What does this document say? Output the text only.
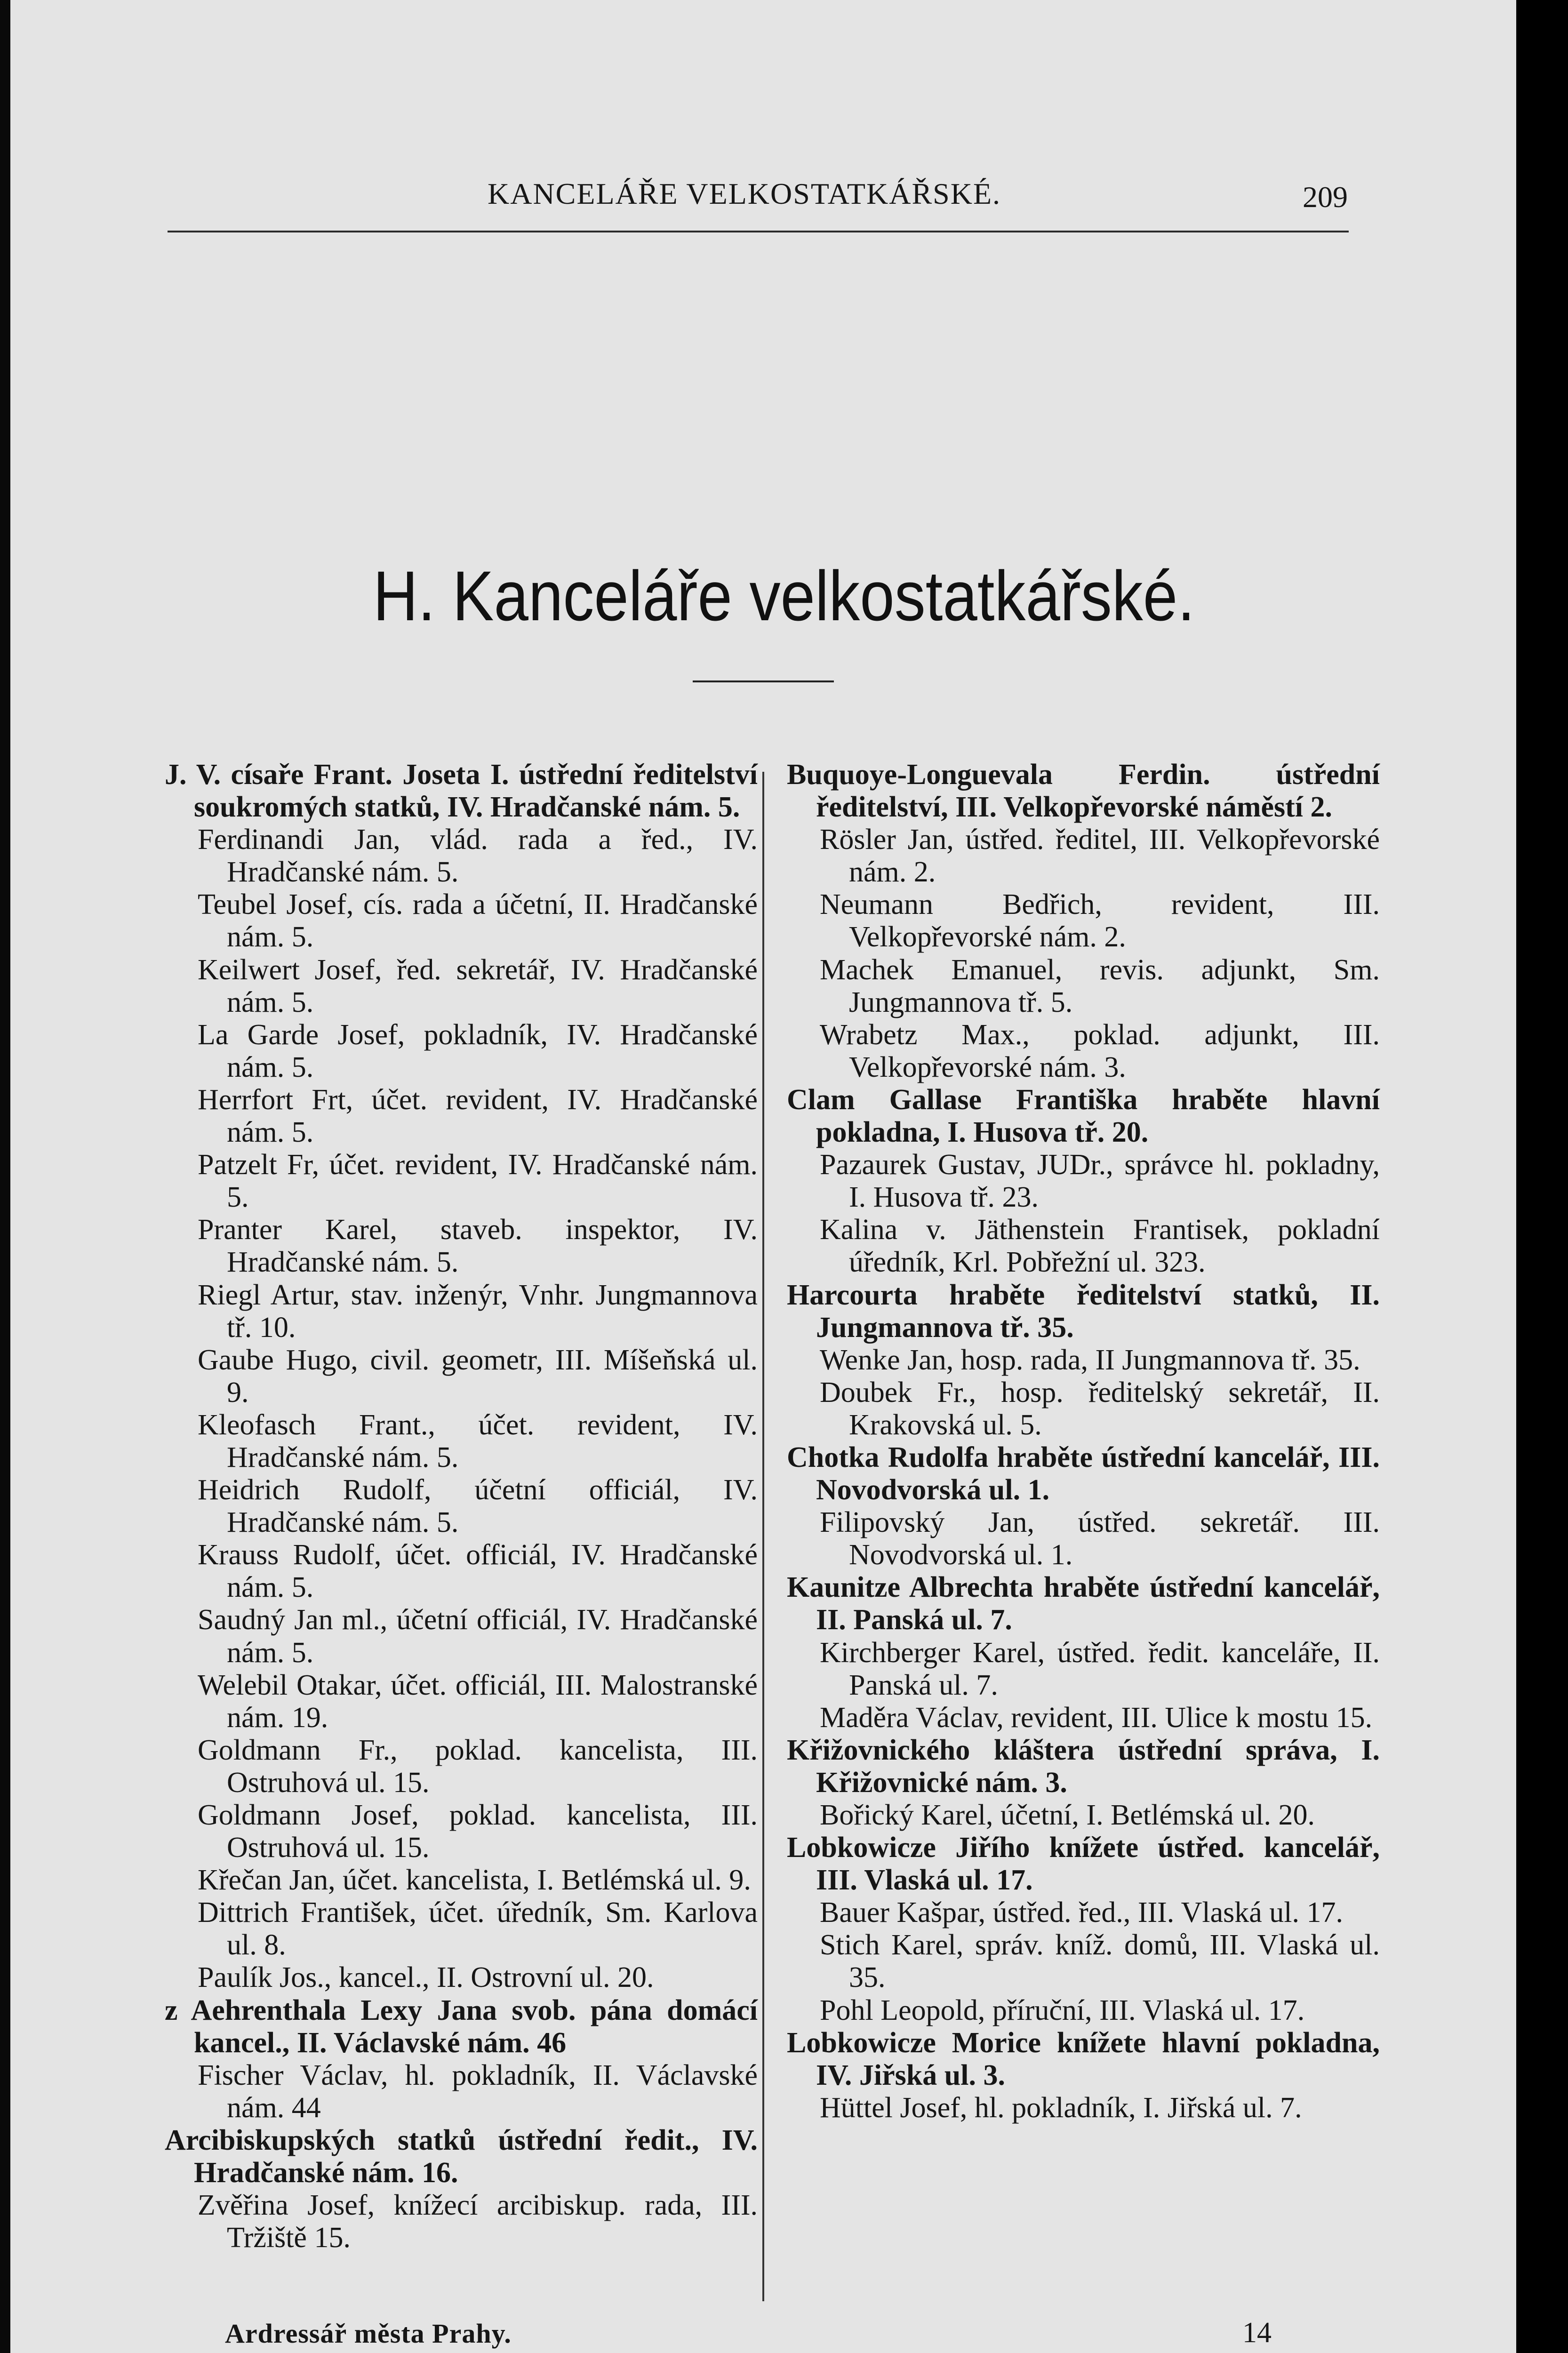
KANCELÁŘE VELKOSTATKÁŘSKÉ.	209
H. Kanceláře velkostatkářské.
J. V. císaře Frant. Joseta I. ústřední ředitelství soukromých statků, IV. Hradčanské nám. 5.
Ferdinandi Jan, vlád. rada a řed., IV. Hradčanské nám. 5.
Teubel Josef, cís. rada a účetní, II. Hradčanské nám. 5.
Keilwert Josef, řed. sekretář, IV. Hradčanské nám. 5.
La Garde Josef, pokladník, IV. Hradčanské nám. 5.
Herrfort Frt, účet. revident, IV. Hradčanské nám. 5.
Patzelt Fr, účet. revident, IV. Hradčanské nám. 5.
Pranter Karel, staveb. inspektor, IV. Hradčanské nám. 5.
Riegl Artur, stav. inženýr, Vnhr. Jungmannova tř. 10.
Gaube Hugo, civil. geometr, III. Míšeňská ul. 9.
Kleofasch Frant., účet. revident, IV. Hradčanské nám. 5.
Heidrich Rudolf, účetní officiál, IV. Hradčanské nám. 5.
Krauss Rudolf, účet. officiál, IV. Hradčanské nám. 5.
Saudný Jan ml., účetní officiál, IV. Hradčanské nám. 5.
Welebil Otakar, účet. officiál, III. Malostranské nám. 19.
Goldmann Fr., poklad. kancelista, III. Ostruhová ul. 15.
Goldmann Josef, poklad. kancelista, III. Ostruhová ul. 15.
Křečan Jan, účet. kancelista, I. Betlémská ul. 9.
Dittrich František, účet. úředník, Sm. Karlova ul. 8.
Paulík Jos., kancel., II. Ostrovní ul. 20.
z Aehrenthala Lexy Jana svob. pána domácí kancel., II. Václavské nám. 46
Fischer Václav, hl. pokladník, II. Václavské nám. 44
Arcibiskupských statků ústřední ředit., IV. Hradčanské nám. 16.
Zvěřina Josef, knížecí arcibiskup. rada, III. Tržiště 15.
Buquoye-Longuevala Ferdin. ústřední ředitelství, III. Velkopřevorské náměstí 2.
Rösler Jan, ústřed. ředitel, III. Velkopřevorské nám. 2.
Neumann Bedřich, revident, III. Velkopřevorské nám. 2.
Machek Emanuel, revis. adjunkt, Sm. Jungmannova tř. 5.
Wrabetz Max., poklad. adjunkt, III. Velkopřevorské nám. 3.
Clam Gallase Františka hraběte hlavní pokladna, I. Husova tř. 20.
Pazaurek Gustav, JUDr., správce hl. pokladny, I. Husova tř. 23.
Kalina v. Jäthenstein Frantisek, pokladní úředník, Krl. Pobřežní ul. 323.
Harcourta hraběte ředitelství statků, II. Jungmannova tř. 35.
Wenke Jan, hosp. rada, II Jungmannova tř. 35.
Doubek Fr., hosp. ředitelský sekretář, II. Krakovská ul. 5.
Chotka Rudolfa hraběte ústřední kancelář, III. Novodvorská ul. 1.
Filipovský Jan, ústřed. sekretář. III. Novodvorská ul. 1.
Kaunitze Albrechta hraběte ústřední kancelář, II. Panská ul. 7.
Kirchberger Karel, ústřed. ředit. kanceláře, II. Panská ul. 7.
Maděra Václav, revident, III. Ulice k mostu 15.
Křižovnického kláštera ústřední správa, I. Křižovnické nám. 3.
Bořický Karel, účetní, I. Betlémská ul. 20.
Lobkowicze Jiřího knížete ústřed. kancelář, III. Vlaská ul. 17.
Bauer Kašpar, ústřed. řed., III. Vlaská ul. 17.
Stich Karel, správ. kníž. domů, III. Vlaská ul. 35.
Pohl Leopold, příruční, III. Vlaská ul. 17.
Lobkowicze Morice knížete hlavní pokladna, IV. Jiřská ul. 3.
Hüttel Josef, hl. pokladník, I. Jiřská ul. 7.
Ardressář města Prahy.	14
